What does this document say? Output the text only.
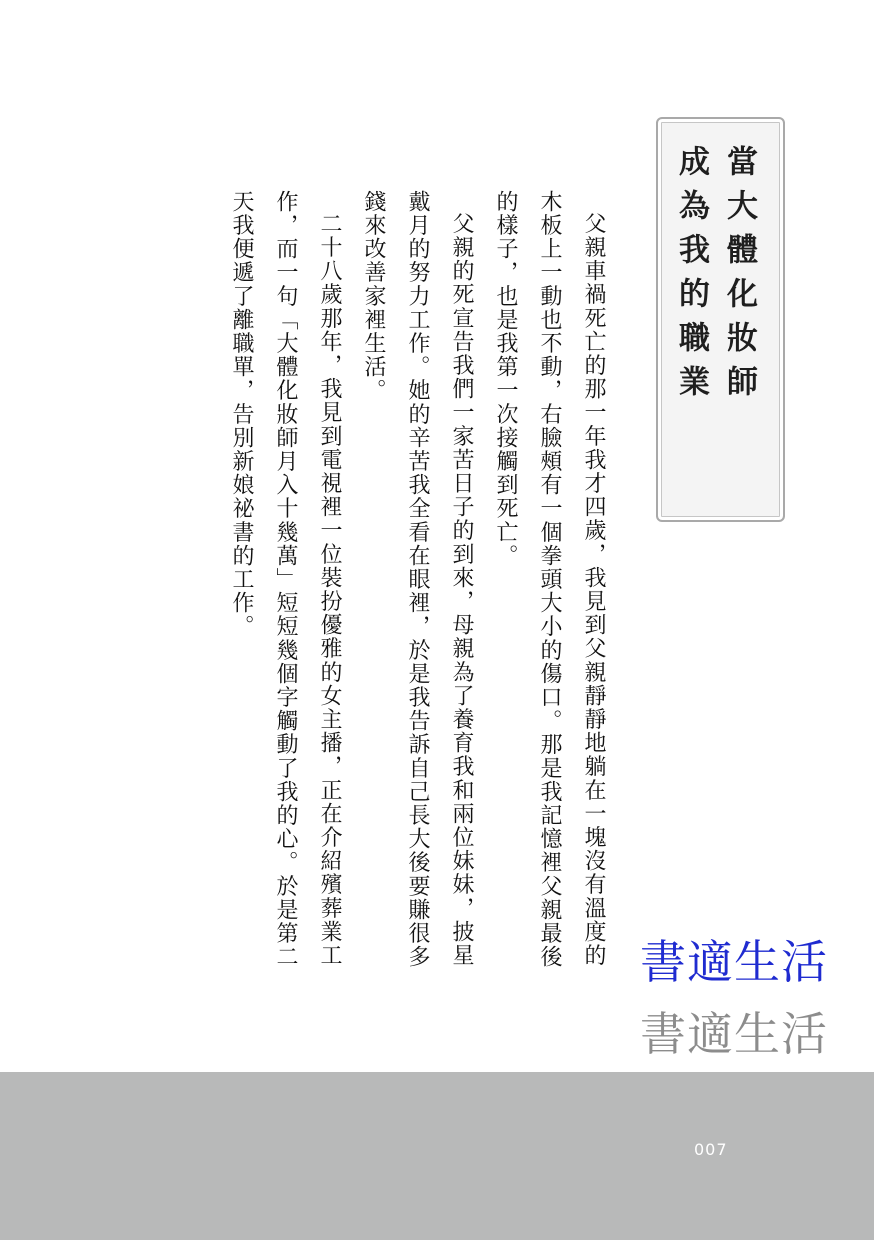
當大體化妝師
成為我的職業

父親車禍死亡的那一年我才四歲，我見到父親靜靜地躺在一塊沒有溫度的木板上一動也不動，右臉頰有一個拳頭大小的傷口。那是我記憶裡父親最後的樣子，也是我第一次接觸到死亡。

父親的死宣告我們一家苦日子的到來，母親為了養育我和兩位妹妹，披星戴月的努力工作。她的辛苦我全看在眼裡，於是我告訴自己長大後要賺很多錢來改善家裡生活。

二十八歲那年，我見到電視裡一位裝扮優雅的女主播，正在介紹殯葬業工作，而一句「大體化妝師月入十幾萬」短短幾個字觸動了我的心。於是第二天我便遞了離職單，告別新娘祕書的工作。

書適生活
書適生活
007
